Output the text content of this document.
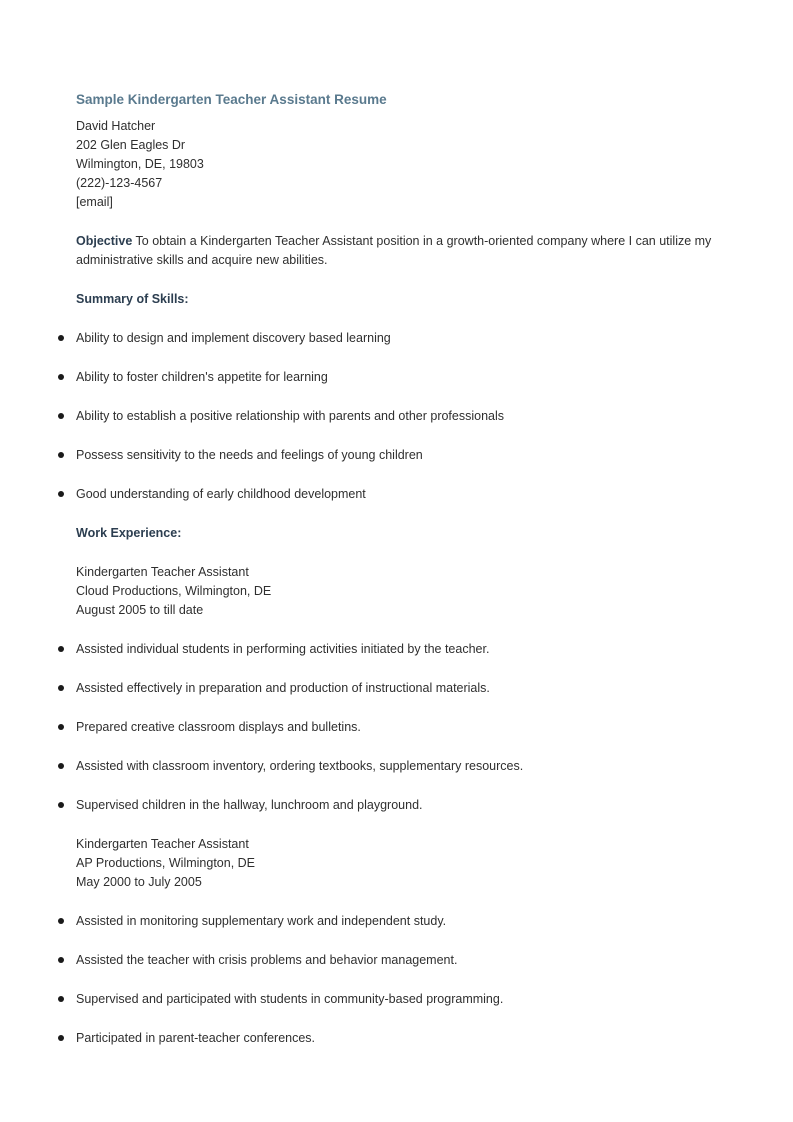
Sample Kindergarten Teacher Assistant Resume
David Hatcher
202 Glen Eagles Dr
Wilmington, DE, 19803
(222)-123-4567
[email]

Objective To obtain a Kindergarten Teacher Assistant position in a growth-oriented company where I can utilize my administrative skills and acquire new abilities.

Summary of Skills:
Ability to design and implement discovery based learning
Ability to foster children's appetite for learning
Ability to establish a positive relationship with parents and other professionals
Possess sensitivity to the needs and feelings of young children
Good understanding of early childhood development
Work Experience:
Kindergarten Teacher Assistant
Cloud Productions, Wilmington, DE
August 2005 to till date
Assisted individual students in performing activities initiated by the teacher.
Assisted effectively in preparation and production of instructional materials.
Prepared creative classroom displays and bulletins.
Assisted with classroom inventory, ordering textbooks, supplementary resources.
Supervised children in the hallway, lunchroom and playground.
Kindergarten Teacher Assistant
AP Productions, Wilmington, DE
May 2000 to July 2005
Assisted in monitoring supplementary work and independent study.
Assisted the teacher with crisis problems and behavior management.
Supervised and participated with students in community-based programming.
Participated in parent-teacher conferences.
